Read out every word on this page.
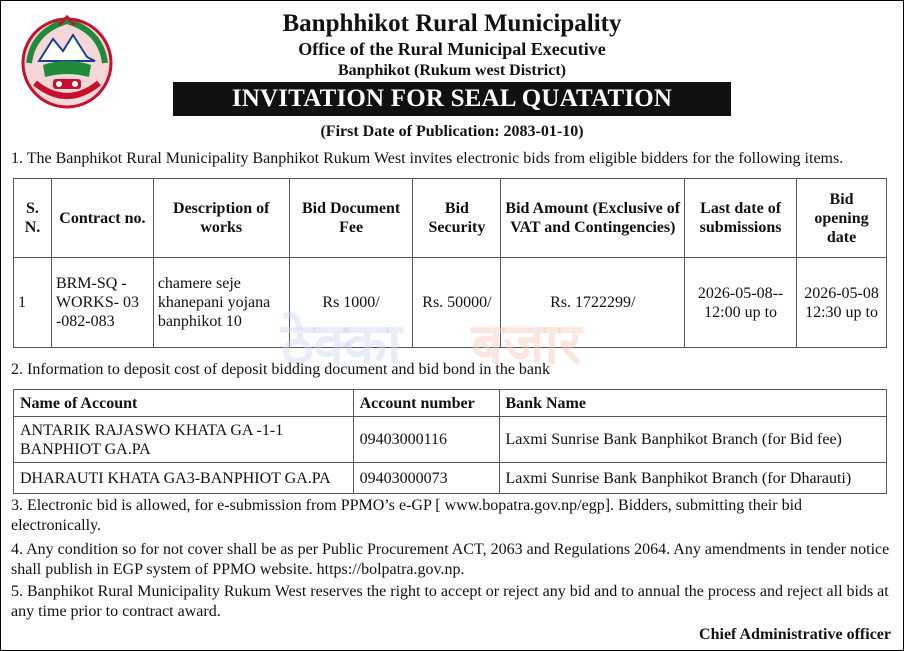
Banphhikot Rural Municipality
Office of the Rural Municipal Executive
Banphikot (Rukum west District)
INVITATION FOR SEAL QUATATION
(First Date of Publication: 2083-01-10)
1. The Banphikot Rural Municipality Banphikot Rukum West invites electronic bids from eligible bidders for the following items.
S. N.	Contract no.	Description of works	Bid Document Fee	Bid Security	Bid Amount (Exclusive of VAT and Contingencies)	Last date of submissions	Bid opening date
1	BRM-SQ - WORKS- 03 -082-083	chamere seje khanepani yojana banphikot 10	Rs 1000/	Rs. 50000/	Rs. 1722299/	2026-05-08-- 12:00 up to	2026-05-08 12:30 up to
ठेक्का बजार
2. Information to deposit cost of deposit bidding document and bid bond in the bank
Name of Account	Account number	Bank Name
ANTARIK RAJASWO KHATA GA -1-1 BANPHIOT GA.PA	09403000116	Laxmi Sunrise Bank Banphikot Branch (for Bid fee)
DHARAUTI KHATA GA3-BANPHIOT GA.PA	09403000073	Laxmi Sunrise Bank Banphikot Branch (for Dharauti)
3. Electronic bid is allowed, for e-submission from PPMO’s e-GP [ www.bopatra.gov.np/egp]. Bidders, submitting their bid electronically.
4. Any condition so for not cover shall be as per Public Procurement ACT, 2063 and Regulations 2064. Any amendments in tender notice shall publish in EGP system of PPMO website. https://bolpatra.gov.np.
5. Banphikot Rural Municipality Rukum West reserves the right to accept or reject any bid and to annual the process and reject all bids at any time prior to contract award.
Chief Administrative officer
